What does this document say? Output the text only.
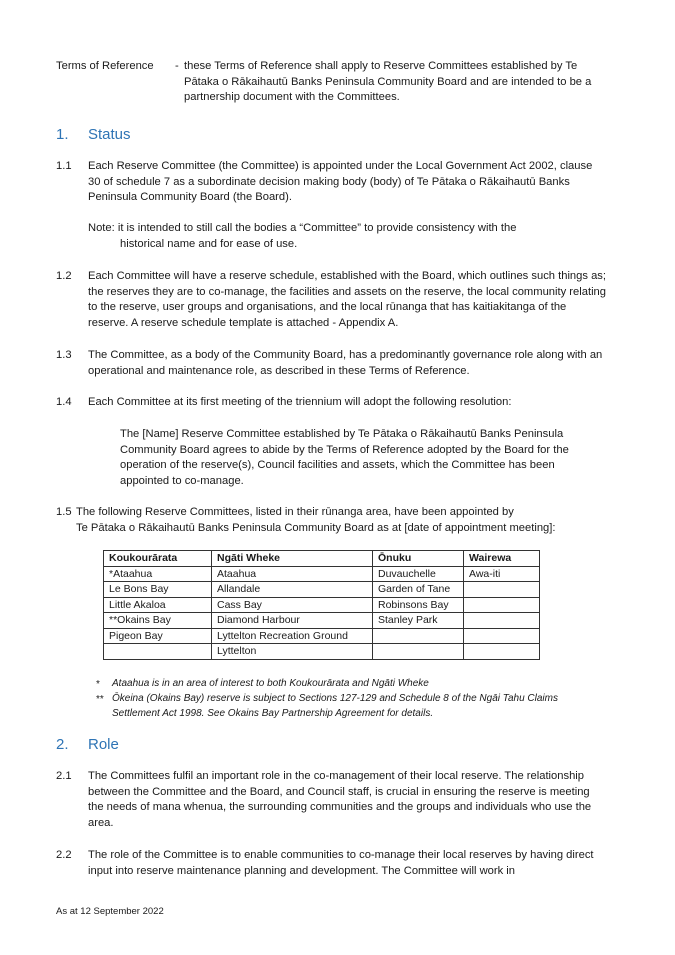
Terms of Reference - these Terms of Reference shall apply to Reserve Committees established by Te Pātaka o Rākaihautū Banks Peninsula Community Board and are intended to be a partnership document with the Committees.
1. Status
1.1 Each Reserve Committee (the Committee) is appointed under the Local Government Act 2002, clause 30 of schedule 7 as a subordinate decision making body (body) of Te Pātaka o Rākaihautū Banks Peninsula Community Board (the Board).
Note: it is intended to still call the bodies a “Committee” to provide consistency with the
historical name and for ease of use.
1.2 Each Committee will have a reserve schedule, established with the Board, which outlines such things as; the reserves they are to co-manage, the facilities and assets on the reserve, the local community relating to the reserve, user groups and organisations, and the local rūnanga that has kaitiakitanga of the reserve. A reserve schedule template is attached - Appendix A.
1.3 The Committee, as a body of the Community Board, has a predominantly governance role along with an operational and maintenance role, as described in these Terms of Reference.
1.4 Each Committee at its first meeting of the triennium will adopt the following resolution:
The [Name] Reserve Committee established by Te Pātaka o Rākaihautū Banks Peninsula Community Board agrees to abide by the Terms of Reference adopted by the Board for the operation of the reserve(s), Council facilities and assets, which the Committee has been appointed to co-manage.
1.5 The following Reserve Committees, listed in their rūnanga area, have been appointed by
Te Pātaka o Rākaihautū Banks Peninsula Community Board as at [date of appointment meeting]:
Koukourārata	Ngāti Wheke	Ōnuku	Wairewa
*Ataahua	Ataahua	Duvauchelle	Awa-iti
Le Bons Bay	Allandale	Garden of Tane	
Little Akaloa	Cass Bay	Robinsons Bay	
**Okains Bay	Diamond Harbour	Stanley Park	
Pigeon Bay	Lyttelton Recreation Ground		
	Lyttelton		
* Ataahua is in an area of interest to both Koukourārata and Ngāti Wheke
** Ōkeina (Okains Bay) reserve is subject to Sections 127-129 and Schedule 8 of the Ngāi Tahu Claims
Settlement Act 1998. See Okains Bay Partnership Agreement for details.
2. Role
2.1 The Committees fulfil an important role in the co-management of their local reserve. The relationship between the Committee and the Board, and Council staff, is crucial in ensuring the reserve is meeting the needs of mana whenua, the surrounding communities and the groups and individuals who use the area.
2.2 The role of the Committee is to enable communities to co-manage their local reserves by having direct input into reserve maintenance planning and development. The Committee will work in
As at 12 September 2022
